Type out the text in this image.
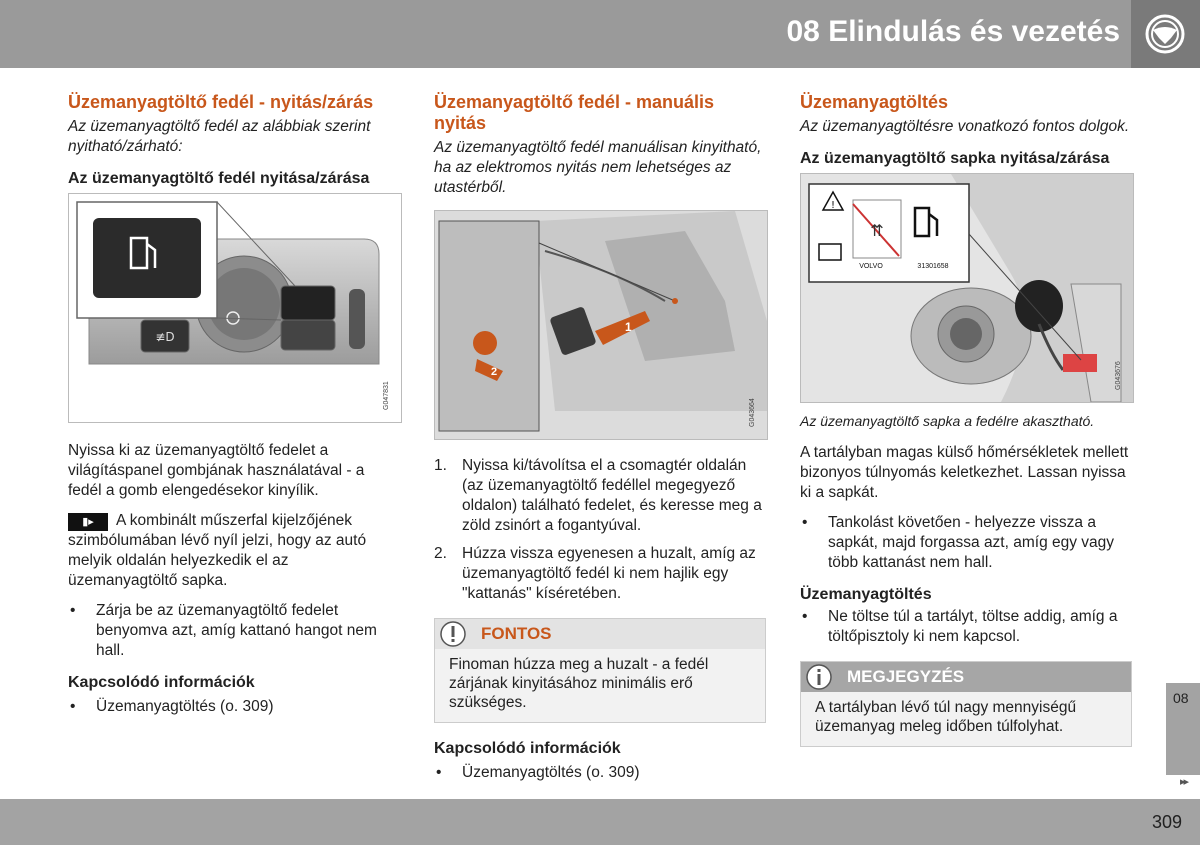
08 Elindulás és vezetés
Üzemanyagtöltő fedél - nyitás/zárás
Az üzemanyagtöltő fedél az alábbiak szerint nyitható/zárható:
Az üzemanyagtöltő fedél nyitása/zárása
≢D
G047831
Nyissa ki az üzemanyagtöltő fedelet a világításpanel gombjának használatával - a fedél a gomb elengedésekor kinyílik.
▮▸	A kombinált műszerfal kijelzőjének szimbólumában lévő nyíl jelzi, hogy az autó melyik oldalán helyezkedik el az üzemanyagtöltő sapka.
• Zárja be az üzemanyagtöltő fedelet benyomva azt, amíg kattanó hangot nem hall.
Kapcsolódó információk
• Üzemanyagtöltés (o. 309)
Üzemanyagtöltő fedél - manuális nyitás
Az üzemanyagtöltő fedél manuálisan kinyitható, ha az elektromos nyitás nem lehetséges az utastérből.
1
2
G043664
1. Nyissa ki/távolítsa el a csomagtér oldalán (az üzemanyagtöltő fedéllel megegyező oldalon) található fedelet, és keresse meg a zöld zsinórt a fogantyúval.
2. Húzza vissza egyenesen a huzalt, amíg az üzemanyagtöltő fedél ki nem hajlik egy "kattanás" kíséretében.
FONTOS
Finoman húzza meg a huzalt - a fedél zárjának kinyitásához minimális erő szükséges.
Kapcsolódó információk
• Üzemanyagtöltés (o. 309)
Üzemanyagtöltés
Az üzemanyagtöltésre vonatkozó fontos dolgok.
Az üzemanyagtöltő sapka nyitása/zárása
!
⇈
VOLVO	31301658
G043676
Az üzemanyagtöltő sapka a fedélre akasztható.
A tartályban magas külső hőmérsékletek mellett bizonyos túlnyomás keletkezhet. Lassan nyissa ki a sapkát.
• Tankolást követően - helyezze vissza a sapkát, majd forgassa azt, amíg egy vagy több kattanást nem hall.
Üzemanyagtöltés
• Ne töltse túl a tartályt, töltse addig, amíg a töltőpisztoly ki nem kapcsol.
MEGJEGYZÉS
A tartályban lévő túl nagy mennyiségű üzemanyag meleg időben túlfolyhat.
08
▸▸
309
